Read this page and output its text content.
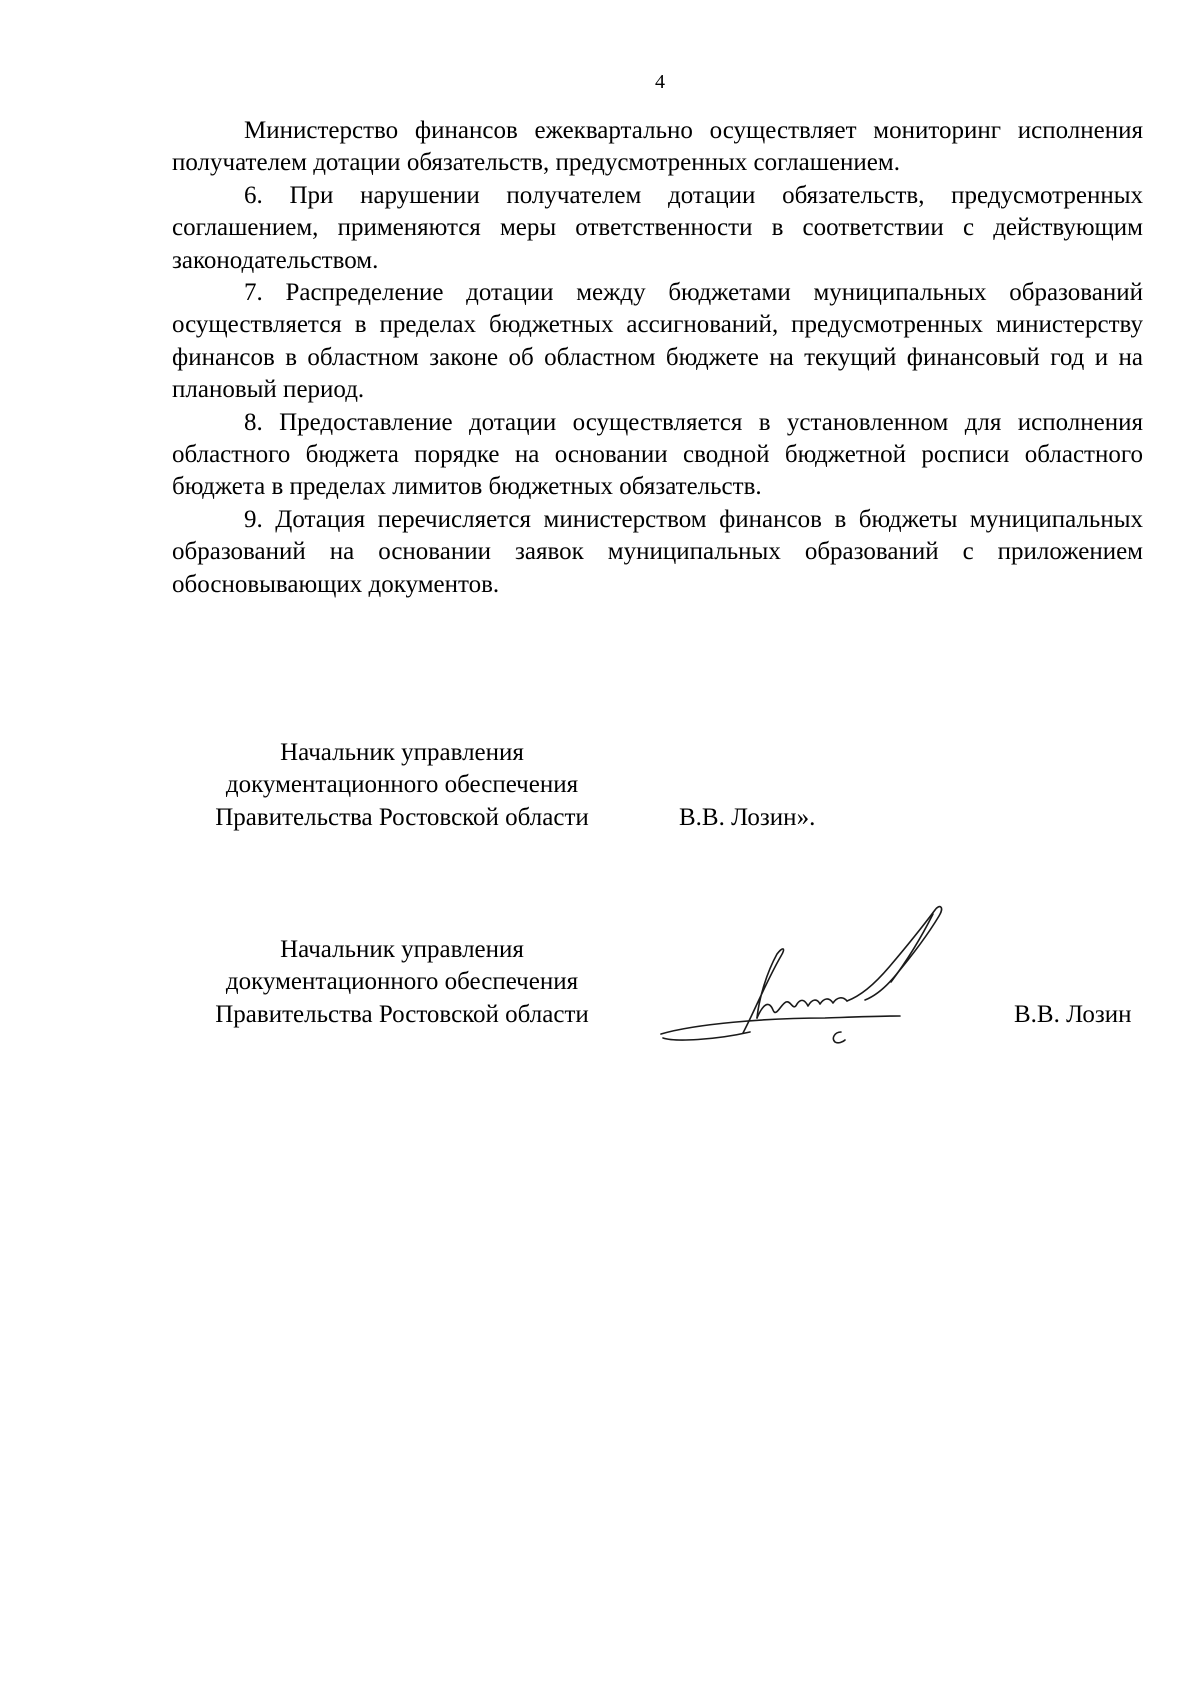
4

Министерство финансов ежеквартально осуществляет мониторинг исполнения получателем дотации обязательств, предусмотренных соглашением.

6. При нарушении получателем дотации обязательств, предусмотренных соглашением, применяются меры ответственности в соответствии с действующим законодательством.

7. Распределение дотации между бюджетами муниципальных образований осуществляется в пределах бюджетных ассигнований, предусмотренных министерству финансов в областном законе об областном бюджете на текущий финансовый год и на плановый период.

8. Предоставление дотации осуществляется в установленном для исполнения областного бюджета порядке на основании сводной бюджетной росписи областного бюджета в пределах лимитов бюджетных обязательств.

9. Дотация перечисляется министерством финансов в бюджеты муниципальных образований на основании заявок муниципальных образований с приложением обосновывающих документов.

Начальник управления
документационного обеспечения
Правительства Ростовской области	В.В. Лозин».
Начальник управления
документационного обеспечения
Правительства Ростовской области	В.В. Лозин
